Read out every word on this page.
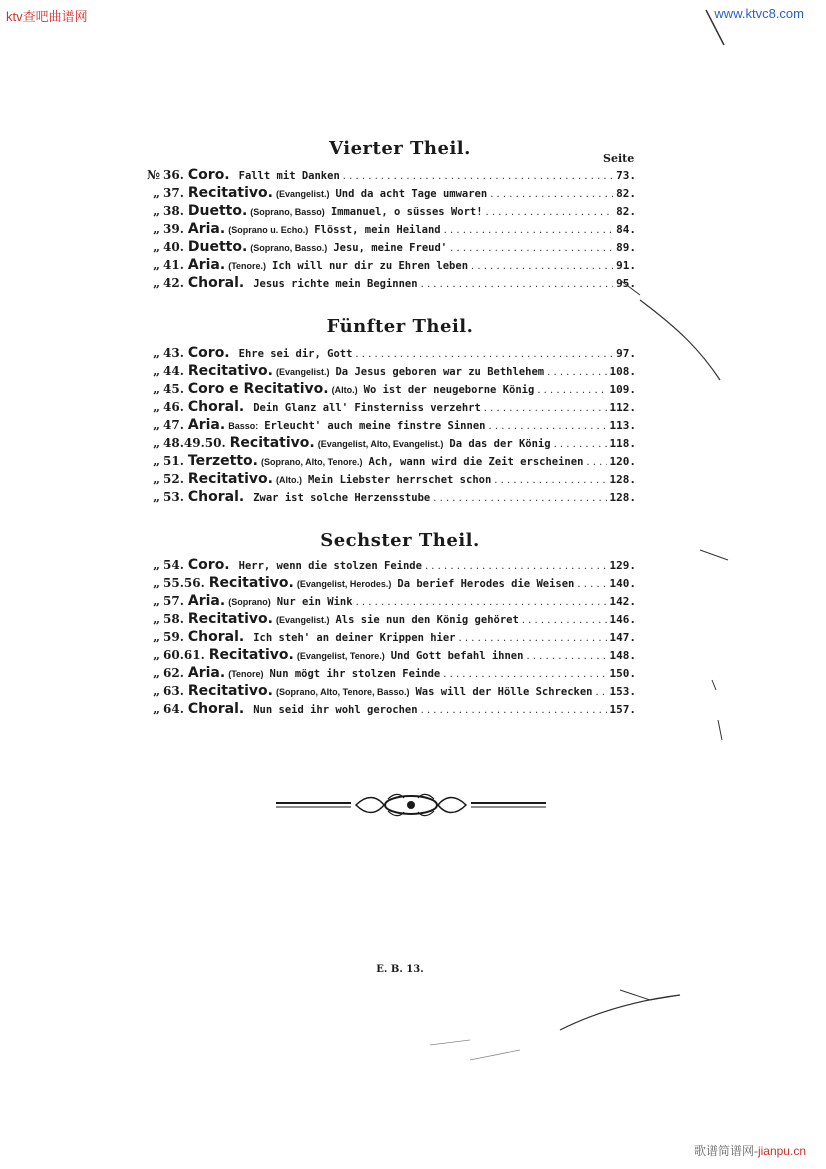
ktv查吧曲谱网	www.ktvc8.com
歌谱简谱网-jianpu.cn
Vierter Theil.	Seite
Fünfter Theil.
Sechster Theil.
№ 36. Coro. Fallt mit Danken . . .	73.
„ 37. Recitativo. (Evangelist.) Und da acht Tage umwaren . . .	82.
„ 38. Duetto. (Soprano, Basso) Immanuel, o süsses Wort! . . .	82.
„ 39. Aria. (Soprano u. Echo.) Flösst, mein Heiland . . .	84.
„ 40. Duetto. (Soprano, Basso.) Jesu, meine Freud' . . .	89.
„ 41. Aria. (Tenore.) Ich will nur dir zu Ehren leben . . .	91.
„ 42. Choral. Jesus richte mein Beginnen . . .	95.
„ 43. Coro. Ehre sei dir, Gott . . .	97.
„ 44. Recitativo. (Evangelist.) Da Jesus geboren war zu Bethlehem . . .	108.
„ 45. Coro e Recitativo. (Alto.) Wo ist der neugeborne König . . .	109.
„ 46. Choral. Dein Glanz all' Finsterniss verzehrt . . .	112.
„ 47. Aria. Basso: Erleucht' auch meine finstre Sinnen . . .	113.
„ 48.49.50. Recitativo. (Evangelist, Alto, Evangelist.) Da das der König . . .	118.
„ 51. Terzetto. (Soprano, Alto, Tenore.) Ach, wann wird die Zeit erscheinen . . . 120.
„ 52. Recitativo. (Alto.) Mein Liebster herrschet schon . . .	128.
„ 53. Choral. Zwar ist solche Herzensstube . . .	128.
„ 54. Coro. Herr, wenn die stolzen Feinde . . .	129.
„ 55.56. Recitativo. (Evangelist, Herodes.) Da berief Herodes die Weisen . . .	140.
„ 57. Aria. (Soprano) Nur ein Wink . . .	142.
„ 58. Recitativo. (Evangelist.) Als sie nun den König gehöret . . .	146.
„ 59. Choral. Ich steh' an deiner Krippen hier . . .	147.
„ 60.61. Recitativo. (Evangelist, Tenore.) Und Gott befahl ihnen . . .	148.
„ 62. Aria. (Tenore) Nun mögt ihr stolzen Feinde . . .	150.
„ 63. Recitativo. (Soprano, Alto, Tenore, Basso.) Was will der Hölle Schrecken . . . 153.
„ 64. Choral. Nun seid ihr wohl gerochen . . .	157.
E. B. 13.
